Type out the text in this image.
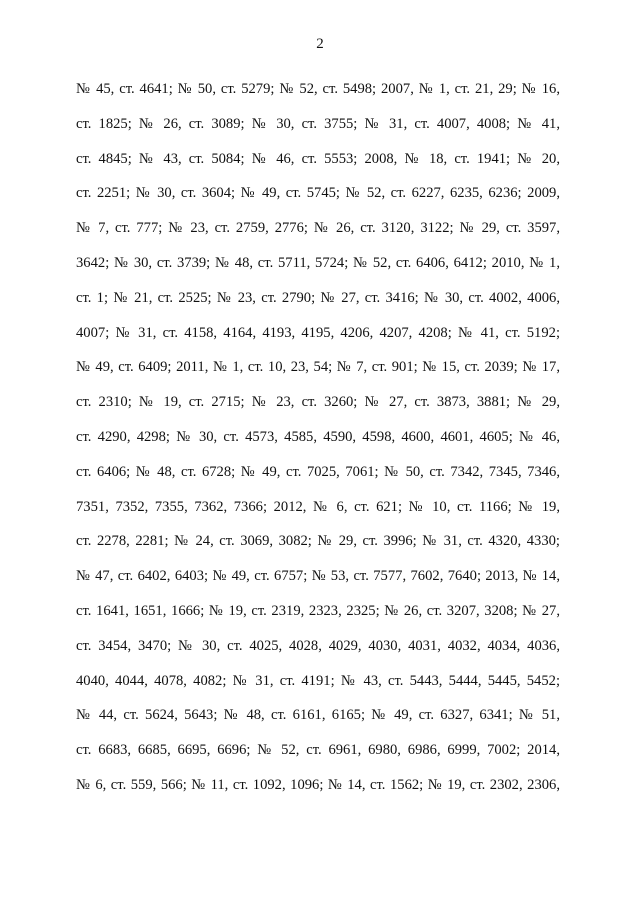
2
№ 45, ст. 4641; № 50, ст. 5279; № 52, ст. 5498; 2007, № 1, ст. 21, 29; № 16,
ст. 1825; № 26, ст. 3089; № 30, ст. 3755; № 31, ст. 4007, 4008; № 41,
ст. 4845; № 43, ст. 5084; № 46, ст. 5553; 2008, № 18, ст. 1941; № 20,
ст. 2251; № 30, ст. 3604; № 49, ст. 5745; № 52, ст. 6227, 6235, 6236; 2009,
№ 7, ст. 777; № 23, ст. 2759, 2776; № 26, ст. 3120, 3122; № 29, ст. 3597,
3642; № 30, ст. 3739; № 48, ст. 5711, 5724; № 52, ст. 6406, 6412; 2010, № 1,
ст. 1; № 21, ст. 2525; № 23, ст. 2790; № 27, ст. 3416; № 30, ст. 4002, 4006,
4007; № 31, ст. 4158, 4164, 4193, 4195, 4206, 4207, 4208; № 41, ст. 5192;
№ 49, ст. 6409; 2011, № 1, ст. 10, 23, 54; № 7, ст. 901; № 15, ст. 2039; № 17,
ст. 2310; № 19, ст. 2715; № 23, ст. 3260; № 27, ст. 3873, 3881; № 29,
ст. 4290, 4298; № 30, ст. 4573, 4585, 4590, 4598, 4600, 4601, 4605; № 46,
ст. 6406; № 48, ст. 6728; № 49, ст. 7025, 7061; № 50, ст. 7342, 7345, 7346,
7351, 7352, 7355, 7362, 7366; 2012, № 6, ст. 621; № 10, ст. 1166; № 19,
ст. 2278, 2281; № 24, ст. 3069, 3082; № 29, ст. 3996; № 31, ст. 4320, 4330;
№ 47, ст. 6402, 6403; № 49, ст. 6757; № 53, ст. 7577, 7602, 7640; 2013, № 14,
ст. 1641, 1651, 1666; № 19, ст. 2319, 2323, 2325; № 26, ст. 3207, 3208; № 27,
ст. 3454, 3470; № 30, ст. 4025, 4028, 4029, 4030, 4031, 4032, 4034, 4036,
4040, 4044, 4078, 4082; № 31, ст. 4191; № 43, ст. 5443, 5444, 5445, 5452;
№ 44, ст. 5624, 5643; № 48, ст. 6161, 6165; № 49, ст. 6327, 6341; № 51,
ст. 6683, 6685, 6695, 6696; № 52, ст. 6961, 6980, 6986, 6999, 7002; 2014,
№ 6, ст. 559, 566; № 11, ст. 1092, 1096; № 14, ст. 1562; № 19, ст. 2302, 2306,
